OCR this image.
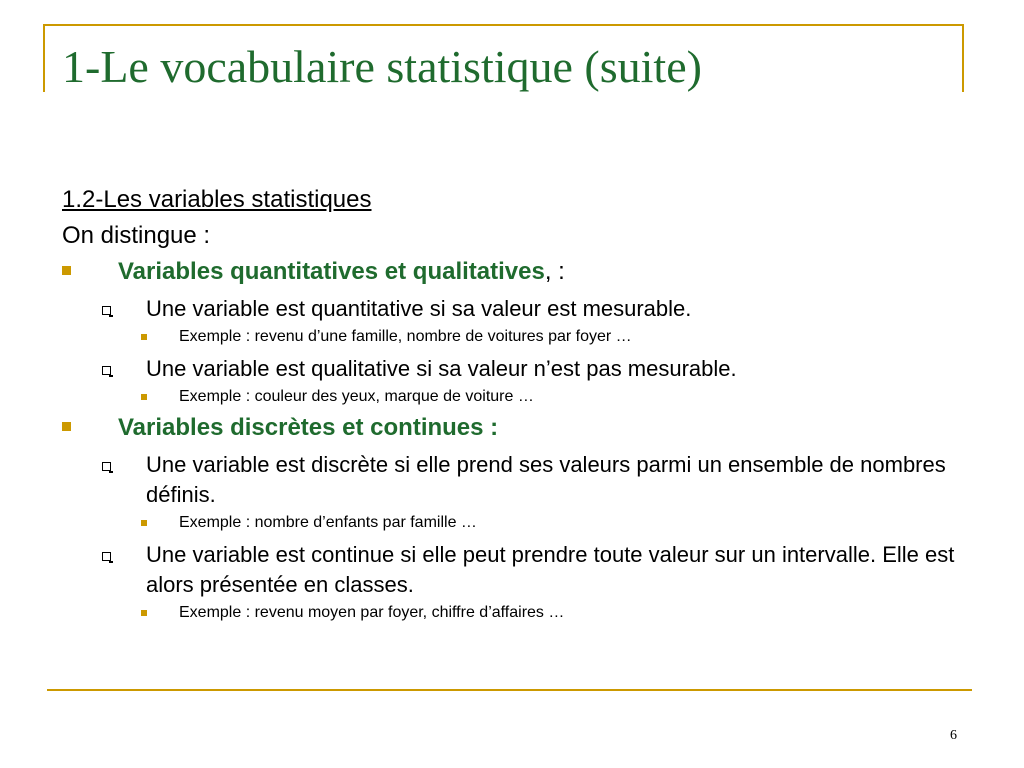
1-Le vocabulaire statistique (suite)

1.2-Les variables statistiques

On distingue :

Variables quantitatives et qualitatives, :

Une variable est quantitative si sa valeur est mesurable.

Exemple : revenu d’une famille, nombre de voitures par foyer …

Une variable est qualitative si sa valeur n’est pas mesurable.

Exemple : couleur des yeux, marque de voiture …

Variables discrètes et continues :

Une variable est discrète si elle prend ses valeurs parmi un ensemble de nombres définis.

Exemple : nombre d’enfants par famille …

Une variable est continue si elle peut prendre toute valeur sur un intervalle. Elle est alors présentée en classes.

Exemple : revenu moyen par foyer, chiffre d’affaires …

6
